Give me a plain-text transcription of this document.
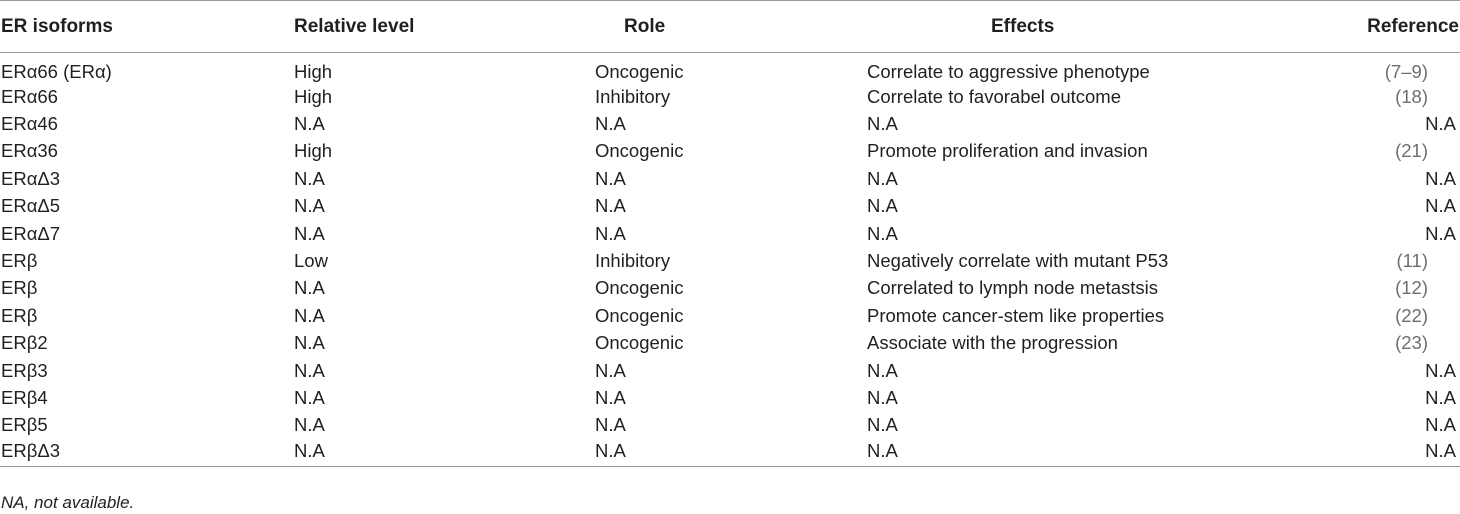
ER isoforms	Relative level	Role	Effects	Reference
ERα66 (ERα)	High	Oncogenic	Correlate to aggressive phenotype	(7–9)
ERα66	High	Inhibitory	Correlate to favorabel outcome	(18)
ERα46	N.A	N.A	N.A	N.A
ERα36	High	Oncogenic	Promote proliferation and invasion	(21)
ERαΔ3	N.A	N.A	N.A	N.A
ERαΔ5	N.A	N.A	N.A	N.A
ERαΔ7	N.A	N.A	N.A	N.A
ERβ	Low	Inhibitory	Negatively correlate with mutant P53	(11)
ERβ	N.A	Oncogenic	Correlated to lymph node metastsis	(12)
ERβ	N.A	Oncogenic	Promote cancer-stem like properties	(22)
ERβ2	N.A	Oncogenic	Associate with the progression	(23)
ERβ3	N.A	N.A	N.A	N.A
ERβ4	N.A	N.A	N.A	N.A
ERβ5	N.A	N.A	N.A	N.A
ERβΔ3	N.A	N.A	N.A	N.A
NA, not available.
